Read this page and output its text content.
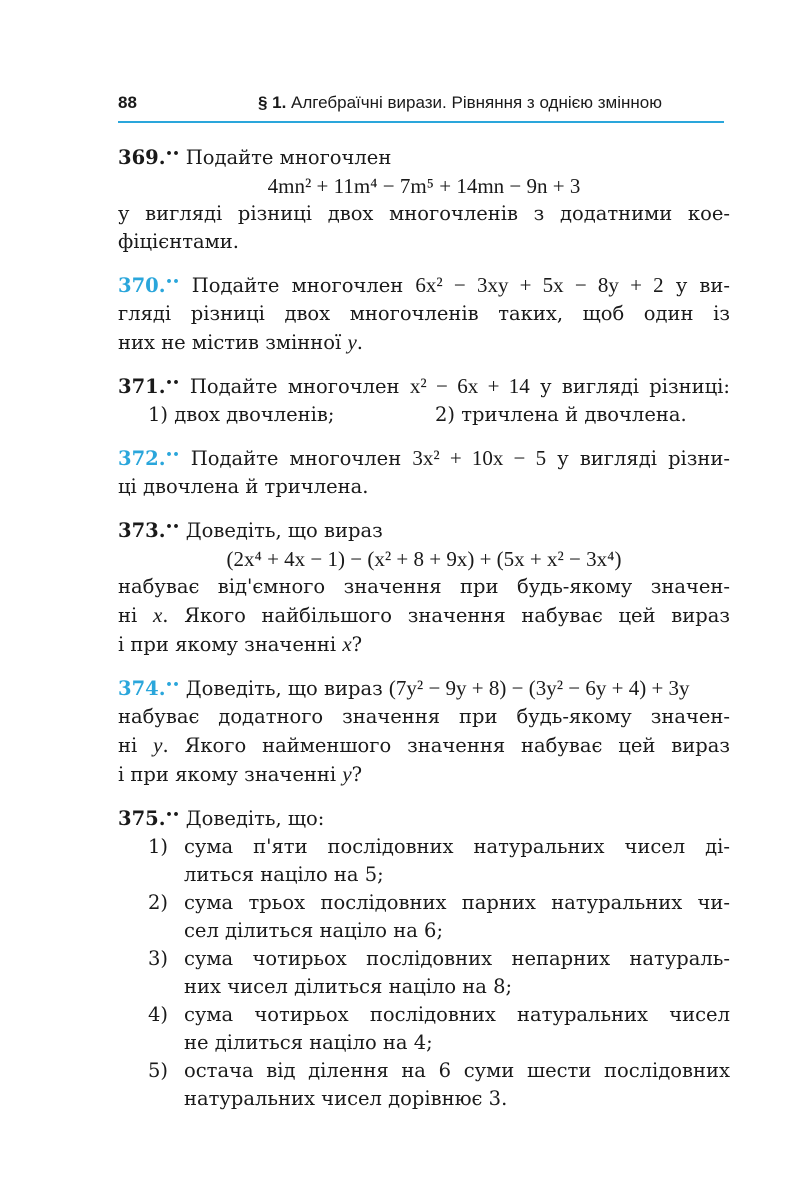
88	§ 1. Алгебраїчні вирази. Рівняння з однією змінною
369.•• Подайте многочлен
4mn² + 11m⁴ − 7m⁵ + 14mn − 9n + 3
у вигляді різниці двох многочленів з додатними кое-
фіцієнтами.
370.•• Подайте многочлен 6x² − 3xy + 5x − 8y + 2 у ви-
гляді різниці двох многочленів таких, щоб один із
них не містив змінної y.
371.•• Подайте многочлен x² − 6x + 14 у вигляді різниці:
1) двох двочленів;	2) тричлена й двочлена.
372.•• Подайте многочлен 3x² + 10x − 5 у вигляді різни-
ці двочлена й тричлена.
373.•• Доведіть, що вираз
(2x⁴ + 4x − 1) − (x² + 8 + 9x) + (5x + x² − 3x⁴)
набуває від'ємного значення при будь-якому значен-
ні x. Якого найбільшого значення набуває цей вираз
і при якому значенні x?
374.•• Доведіть, що вираз (7y² − 9y + 8) − (3y² − 6y + 4) + 3y
набуває додатного значення при будь-якому значен-
ні y. Якого найменшого значення набуває цей вираз
і при якому значенні y?
375.•• Доведіть, що:
1) сума п'яти послідовних натуральних чисел ді-
литься націло на 5;
2) сума трьох послідовних парних натуральних чи-
сел ділиться націло на 6;
3) сума чотирьох послідовних непарних натураль-
них чисел ділиться націло на 8;
4) сума чотирьох послідовних натуральних чисел
не ділиться націло на 4;
5) остача від ділення на 6 суми шести послідовних
натуральних чисел дорівнює 3.
